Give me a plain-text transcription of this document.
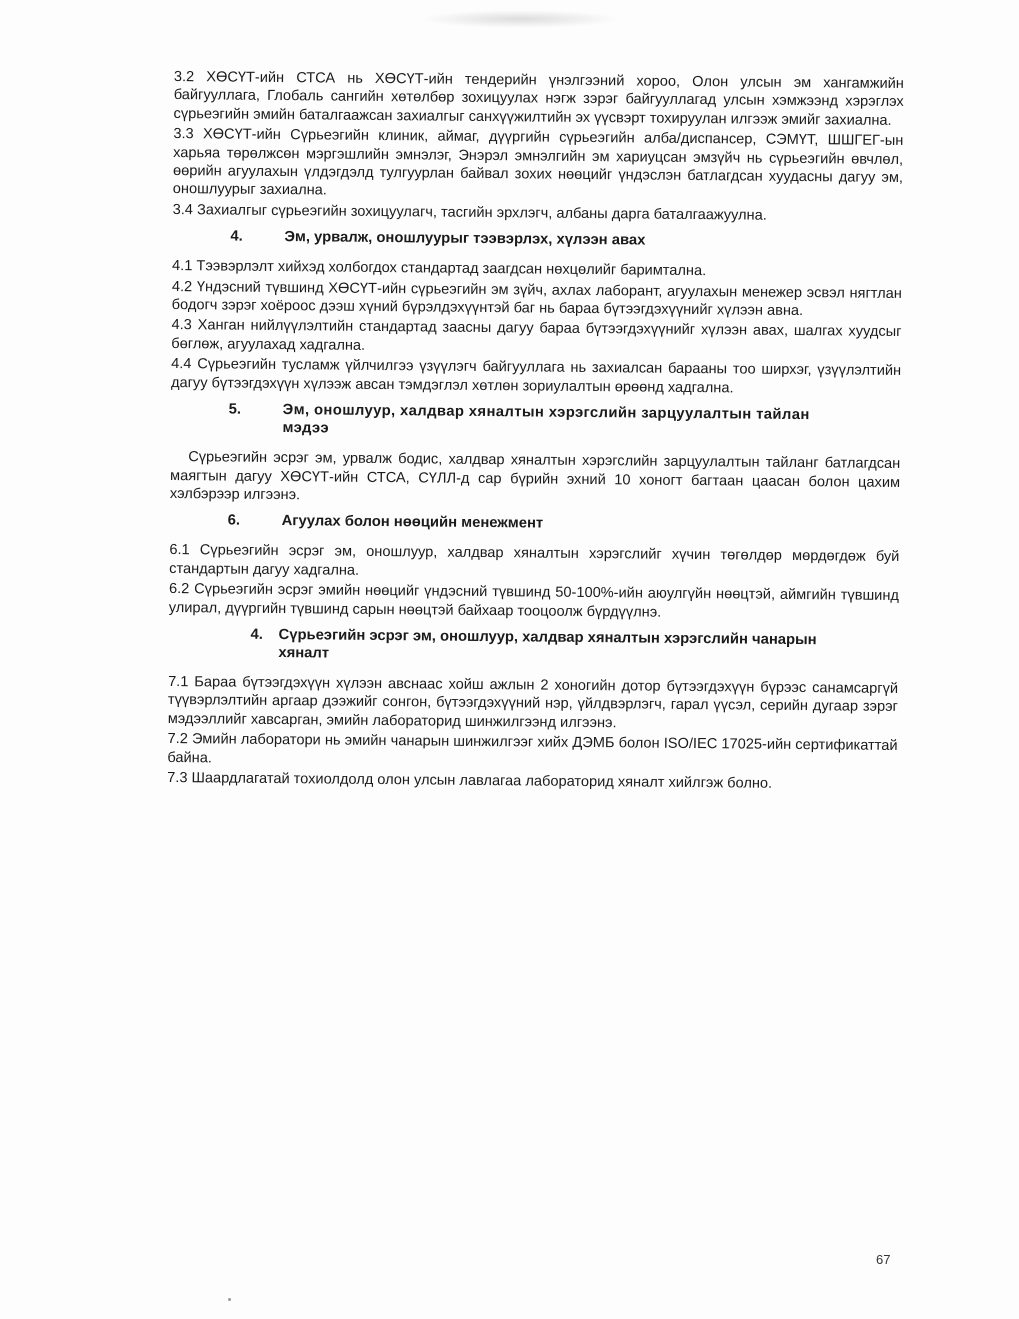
3.2 ХӨСҮТ-ийн СТСА нь ХӨСҮТ-ийн тендерийн үнэлгээний хороо, Олон улсын эм хангамжийн байгууллага, Глобаль сангийн хөтөлбөр зохицуулах нэгж зэрэг байгууллагад улсын хэмжээнд хэрэглэх сүрьеэгийн эмийн баталгаажсан захиалгыг санхүүжилтийн эх үүсвэрт тохируулан илгээж эмийг захиална.

3.3 ХӨСҮТ-ийн Сүрьеэгийн клиник, аймаг, дүүргийн сүрьеэгийн алба/диспансер, СЭМҮТ, ШШГЕГ-ын харьяа төрөлжсөн мэргэшлийн эмнэлэг, Энэрэл эмнэлгийн эм хариуцсан эмзүйч нь сүрьеэгийн өвчлөл, өөрийн агуулахын үлдэгдэлд тулгуурлан байвал зохих нөөцийг үндэслэн батлагдсан хуудасны дагуу эм, оношлуурыг захиална.

3.4 Захиалгыг сүрьеэгийн зохицуулагч, тасгийн эрхлэгч, албаны дарга баталгаажуулна.

4.	Эм, урвалж, оношлуурыг тээвэрлэх, хүлээн авах

4.1 Тээвэрлэлт хийхэд холбогдох стандартад заагдсан нөхцөлийг баримтална.

4.2 Үндэсний түвшинд ХӨСҮТ-ийн сүрьеэгийн эм зүйч, ахлах лаборант, агуулахын менежер эсвэл нягтлан бодогч зэрэг хоёроос дээш хүний бүрэлдэхүүнтэй баг нь бараа бүтээгдэхүүнийг хүлээн авна.

4.3 Ханган нийлүүлэлтийн стандартад заасны дагуу бараа бүтээгдэхүүнийг хүлээн авах, шалгах хуудсыг бөглөж, агуулахад хадгална.

4.4 Сүрьеэгийн тусламж үйлчилгээ үзүүлэгч байгууллага нь захиалсан барааны тоо ширхэг, үзүүлэлтийн дагуу бүтээгдэхүүн хүлээж авсан тэмдэглэл хөтлөн зориулалтын өрөөнд хадгална.

5.	Эм, оношлуур, халдвар хяналтын хэрэгслийн зарцуулалтын тайлан мэдээ

Сүрьеэгийн эсрэг эм, урвалж бодис, халдвар хяналтын хэрэгслийн зарцуулалтын тайланг батлагдсан маягтын дагуу ХӨСҮТ-ийн СТСА, СҮЛЛ-д сар бүрийн эхний 10 хоногт багтаан цаасан болон цахим хэлбэрээр илгээнэ.

6.	Агуулах болон нөөцийн менежмент

6.1 Сүрьеэгийн эсрэг эм, оношлуур, халдвар хяналтын хэрэгслийг хүчин төгөлдөр мөрдөгдөж буй стандартын дагуу хадгална.

6.2 Сүрьеэгийн эсрэг эмийн нөөцийг үндэсний түвшинд 50-100%-ийн аюулгүйн нөөцтэй, аймгийн түвшинд улирал, дүүргийн түвшинд сарын нөөцтэй байхаар тооцоолж бүрдүүлнэ.

4.	Сүрьеэгийн эсрэг эм, оношлуур, халдвар хяналтын хэрэгслийн чанарын хяналт

7.1 Бараа бүтээгдэхүүн хүлээн авснаас хойш ажлын 2 хоногийн дотор бүтээгдэхүүн бүрээс санамсаргүй түүвэрлэлтийн аргаар дээжийг сонгон, бүтээгдэхүүний нэр, үйлдвэрлэгч, гарал үүсэл, серийн дугаар зэрэг мэдээллийг хавсарган, эмийн лабораторид шинжилгээнд илгээнэ.

7.2 Эмийн лаборатори нь эмийн чанарын шинжилгээг хийх ДЭМБ болон ISO/IEC 17025-ийн сертификаттай байна.

7.3 Шаардлагатай тохиолдолд олон улсын лавлагаа лабораторид хяналт хийлгэж болно.

67
